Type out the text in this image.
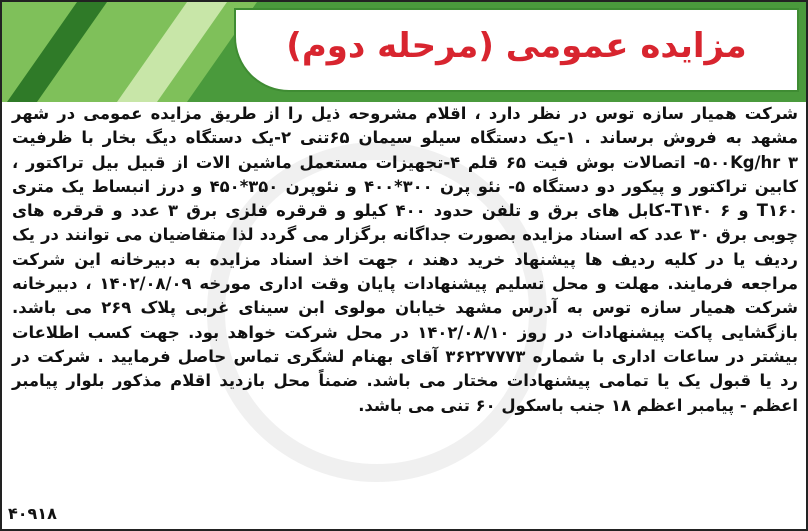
مزایده عمومی (مرحله دوم)
شرکت همیار سازه توس در نظر دارد ، اقلام مشروحه ذیل را از طریق مزایده عمومی در شهر مشهد به فروش برساند . ۱-یک دستگاه سیلو سیمان ۶۵تنی ۲-یک دستگاه دیگ بخار با ظرفیت ۵۰۰Kg/hr ۳- اتصالات بوش فیت ۶۵ قلم ۴-تجهیزات مستعمل ماشین الات از قبیل بیل تراکتور ، کابین تراکتور و پیکور دو دستگاه ۵- نئو پرن ۳۰۰*۴۰۰ و نئوپرن ۳۵۰*۴۵۰ و درز انبساط یک متری T۱۶۰ و T۱۴۰ ۶-کابل های برق و تلفن حدود ۴۰۰ کیلو و قرقره فلزی برق ۳ عدد و قرقره های چوبی برق ۳۰ عدد که اسناد مزایده بصورت جداگانه برگزار می گردد لذا متقاضیان می توانند در یک ردیف یا در کلیه ردیف ها پیشنهاد خرید دهند ، جهت اخذ اسناد مزایده به دبیرخانه این شرکت مراجعه فرمایند. مهلت و محل تسلیم پیشنهادات پایان وقت اداری مورخه ۱۴۰۲/۰۸/۰۹ ، دبیرخانه شرکت همیار سازه توس به آدرس مشهد خیابان مولوی ابن سینای غربی پلاک ۲۶۹ می باشد. بازگشایی پاکت پیشنهادات در روز ۱۴۰۲/۰۸/۱۰ در محل شرکت خواهد بود. جهت کسب اطلاعات بیشتر در ساعات اداری با شماره ۳۶۲۲۷۷۷۳ آقای بهنام لشگری تماس حاصل فرمایید . شرکت در رد یا قبول یک یا تمامی پیشنهادات مختار می باشد. ضمناً محل بازدید اقلام مذکور بلوار پیامبر اعظم - پیامبر اعظم ۱۸ جنب باسکول ۶۰ تنی می باشد.
۴۰۹۱۸
